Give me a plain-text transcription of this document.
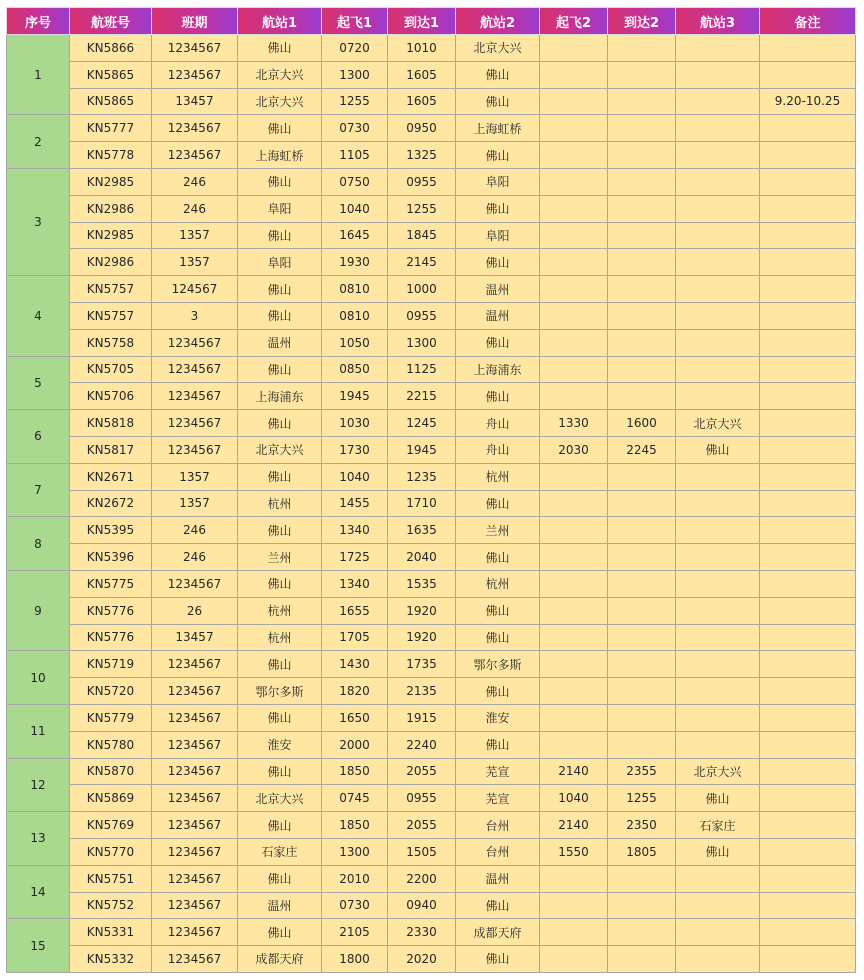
序号	航班号	班期	航站1	起飞1	到达1	航站2	起飞2	到达2	航站3	备注
1	KN5866	1234567	佛山	0720	1010	北京大兴				
	KN5865	1234567	北京大兴	1300	1605	佛山				
	KN5865	13457	北京大兴	1255	1605	佛山				9.20-10.25
2	KN5777	1234567	佛山	0730	0950	上海虹桥				
	KN5778	1234567	上海虹桥	1105	1325	佛山				
3	KN2985	246	佛山	0750	0955	阜阳				
	KN2986	246	阜阳	1040	1255	佛山				
	KN2985	1357	佛山	1645	1845	阜阳				
	KN2986	1357	阜阳	1930	2145	佛山				
4	KN5757	124567	佛山	0810	1000	温州				
	KN5757	3	佛山	0810	0955	温州				
	KN5758	1234567	温州	1050	1300	佛山				
5	KN5705	1234567	佛山	0850	1125	上海浦东				
	KN5706	1234567	上海浦东	1945	2215	佛山				
6	KN5818	1234567	佛山	1030	1245	舟山	1330	1600	北京大兴	
	KN5817	1234567	北京大兴	1730	1945	舟山	2030	2245	佛山	
7	KN2671	1357	佛山	1040	1235	杭州				
	KN2672	1357	杭州	1455	1710	佛山				
8	KN5395	246	佛山	1340	1635	兰州				
	KN5396	246	兰州	1725	2040	佛山				
9	KN5775	1234567	佛山	1340	1535	杭州				
	KN5776	26	杭州	1655	1920	佛山				
	KN5776	13457	杭州	1705	1920	佛山				
10	KN5719	1234567	佛山	1430	1735	鄂尔多斯				
	KN5720	1234567	鄂尔多斯	1820	2135	佛山				
11	KN5779	1234567	佛山	1650	1915	淮安				
	KN5780	1234567	淮安	2000	2240	佛山				
12	KN5870	1234567	佛山	1850	2055	芜宣	2140	2355	北京大兴	
	KN5869	1234567	北京大兴	0745	0955	芜宣	1040	1255	佛山	
13	KN5769	1234567	佛山	1850	2055	台州	2140	2350	石家庄	
	KN5770	1234567	石家庄	1300	1505	台州	1550	1805	佛山	
14	KN5751	1234567	佛山	2010	2200	温州				
	KN5752	1234567	温州	0730	0940	佛山				
15	KN5331	1234567	佛山	2105	2330	成都天府				
	KN5332	1234567	成都天府	1800	2020	佛山				
